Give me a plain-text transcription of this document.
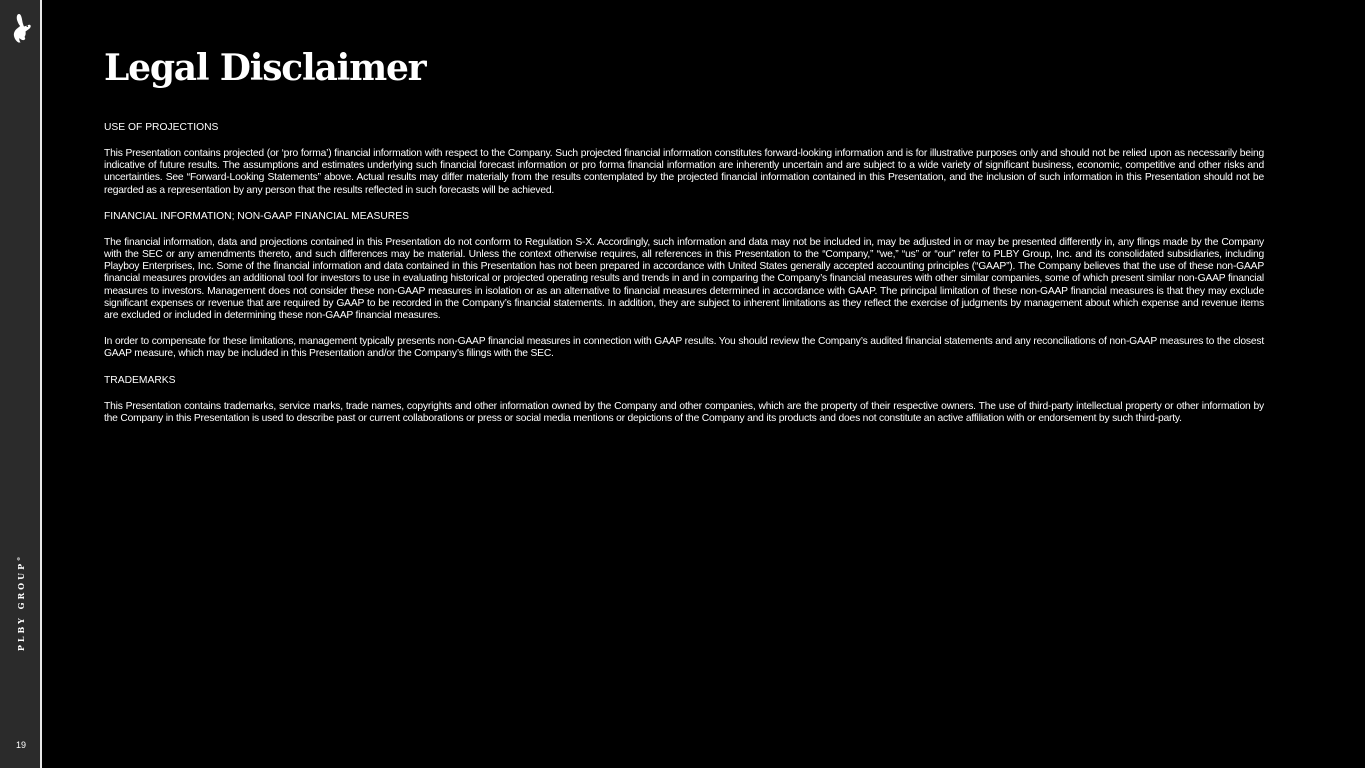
PLBY GROUP®
19
Legal Disclaimer

USE OF PROJECTIONS

This Presentation contains projected (or ‘pro forma’) financial information with respect to the Company. Such projected financial information constitutes forward-looking information and is for illustrative purposes only and should not be relied upon as necessarily being indicative of future results. The assumptions and estimates underlying such financial forecast information or pro forma financial information are inherently uncertain and are subject to a wide variety of significant business, economic, competitive and other risks and uncertainties. See “Forward-Looking Statements” above. Actual results may differ materially from the results contemplated by the projected financial information contained in this Presentation, and the inclusion of such information in this Presentation should not be regarded as a representation by any person that the results reflected in such forecasts will be achieved.

FINANCIAL INFORMATION; NON-GAAP FINANCIAL MEASURES

The financial information, data and projections contained in this Presentation do not conform to Regulation S-X. Accordingly, such information and data may not be included in, may be adjusted in or may be presented differently in, any flings made by the Company with the SEC or any amendments thereto, and such differences may be material. Unless the context otherwise requires, all references in this Presentation to the “Company,” “we,” “us” or “our” refer to PLBY Group, Inc. and its consolidated subsidiaries, including Playboy Enterprises, Inc. Some of the financial information and data contained in this Presentation has not been prepared in accordance with United States generally accepted accounting principles (“GAAP”). The Company believes that the use of these non-GAAP financial measures provides an additional tool for investors to use in evaluating historical or projected operating results and trends in and in comparing the Company’s financial measures with other similar companies, some of which present similar non-GAAP financial measures to investors. Management does not consider these non-GAAP measures in isolation or as an alternative to financial measures determined in accordance with GAAP. The principal limitation of these non-GAAP financial measures is that they may exclude significant expenses or revenue that are required by GAAP to be recorded in the Company’s financial statements. In addition, they are subject to inherent limitations as they reflect the exercise of judgments by management about which expense and revenue items are excluded or included in determining these non-GAAP financial measures.

In order to compensate for these limitations, management typically presents non-GAAP financial measures in connection with GAAP results. You should review the Company’s audited financial statements and any reconciliations of non-GAAP measures to the closest GAAP measure, which may be included in this Presentation and/or the Company’s filings with the SEC.

TRADEMARKS

This Presentation contains trademarks, service marks, trade names, copyrights and other information owned by the Company and other companies, which are the property of their respective owners. The use of third-party intellectual property or other information by the Company in this Presentation is used to describe past or current collaborations or press or social media mentions or depictions of the Company and its products and does not constitute an active affiliation with or endorsement by such third-party.
